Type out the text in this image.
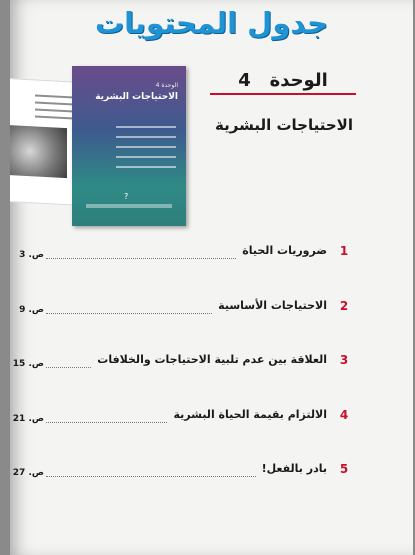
جدول المحتويات
الوحدة 4
الاحتياجات البشرية
?
الوحدة   4
الاحتياجات البشرية
1
ضروريات الحياة
ص. 3
2
الاحتياجات الأساسية
ص. 9
3
العلاقة بين عدم تلبية الاحتياجات والخلافات
ص. 15
4
الالتزام بقيمة الحياة البشرية
ص. 21
5
بادر بالفعل!
ص. 27
